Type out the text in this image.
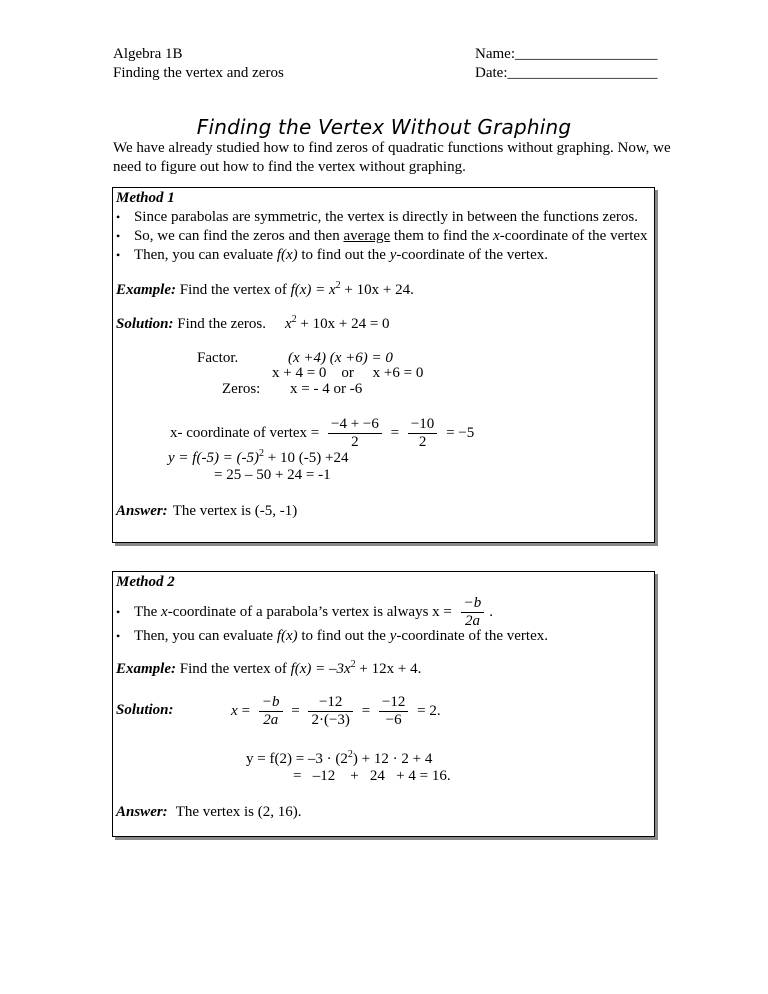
Algebra 1B
Finding the vertex and zeros
Name:___________________
Date:____________________
Finding the Vertex Without Graphing
We have already studied how to find zeros of quadratic functions without graphing. Now, we
need to figure out how to find the vertex without graphing.
Method 1
• Since parabolas are symmetric, the vertex is directly in between the functions zeros.
• So, we can find the zeros and then average them to find the x-coordinate of the vertex
• Then, you can evaluate f(x) to find out the y-coordinate of the vertex.
Example: Find the vertex of $f(x) = x^2 + 10x + 24$.
Solution: Find the zeros. $x^2 + 10x + 24 = 0$
Factor.	(x +4) (x +6) = 0
x + 4 = 0    or     x +6 = 0
Zeros: x = - 4 or -6
x- coordinate of vertex = $\frac{-4 + -6}{2} = \frac{-10}{2} = -5$
$y = f(-5) = (-5)^2 + 10$ (-5) +24
= 25 – 50 + 24 = -1
Answer: The vertex is (-5, -1)
Method 2
• The x-coordinate of a parabola’s vertex is always $x = \frac{-b}{2a}$ .
• Then, you can evaluate f(x) to find out the y-coordinate of the vertex.
Example: Find the vertex of $f(x) = -3x^2 + 12x + 4$.
Solution:	$x = \frac{-b}{2a} = \frac{-12}{2\cdot(-3)} = \frac{-12}{-6} = 2$.
$y = f(2) = -3 \cdot (2^2) + 12 \cdot 2 + 4$
=   –12    +   24   + 4 = 16.
Answer: The vertex is (2, 16).
